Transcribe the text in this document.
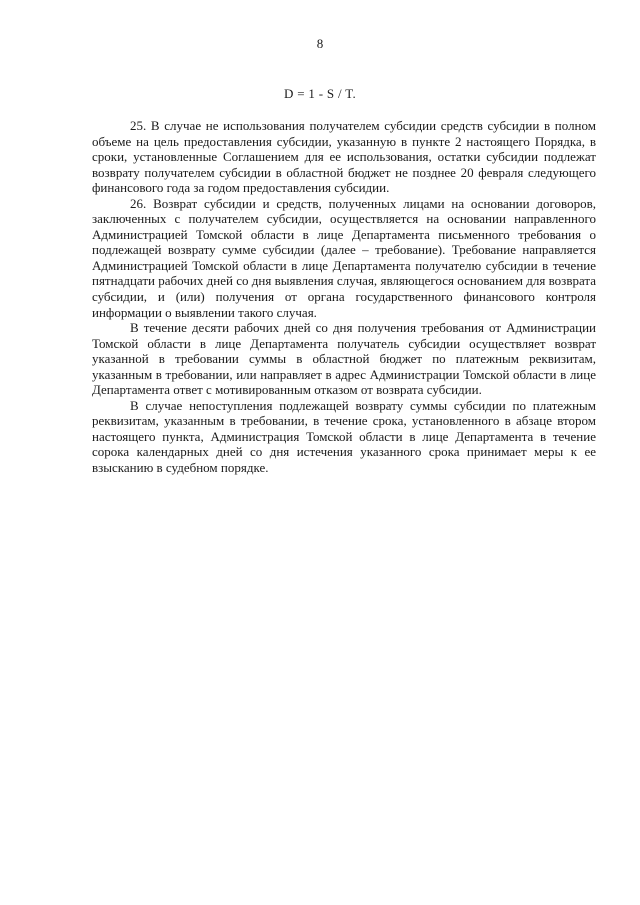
8
D = 1 - S / T.

25. В случае не использования получателем субсидии средств субсидии в полном объеме на цель предоставления субсидии, указанную в пункте 2 настоящего Порядка, в сроки, установленные Соглашением для ее использования, остатки субсидии подлежат возврату получателем субсидии в областной бюджет не позднее 20 февраля следующего финансового года за годом предоставления субсидии.

26. Возврат субсидии и средств, полученных лицами на основании договоров, заключенных с получателем субсидии, осуществляется на основании направленного Администрацией Томской области в лице Департамента письменного требования о подлежащей возврату сумме субсидии (далее – требование). Требование направляется Администрацией Томской области в лице Департамента получателю субсидии в течение пятнадцати рабочих дней со дня выявления случая, являющегося основанием для возврата субсидии, и (или) получения от органа государственного финансового контроля информации о выявлении такого случая.

В течение десяти рабочих дней со дня получения требования от Администрации Томской области в лице Департамента получатель субсидии осуществляет возврат указанной в требовании суммы в областной бюджет по платежным реквизитам, указанным в требовании, или направляет в адрес Администрации Томской области в лице Департамента ответ с мотивированным отказом от возврата субсидии.

В случае непоступления подлежащей возврату суммы субсидии по платежным реквизитам, указанным в требовании, в течение срока, установленного в абзаце втором настоящего пункта, Администрация Томской области в лице Департамента в течение сорока календарных дней со дня истечения указанного срока принимает меры к ее взысканию в судебном порядке.
